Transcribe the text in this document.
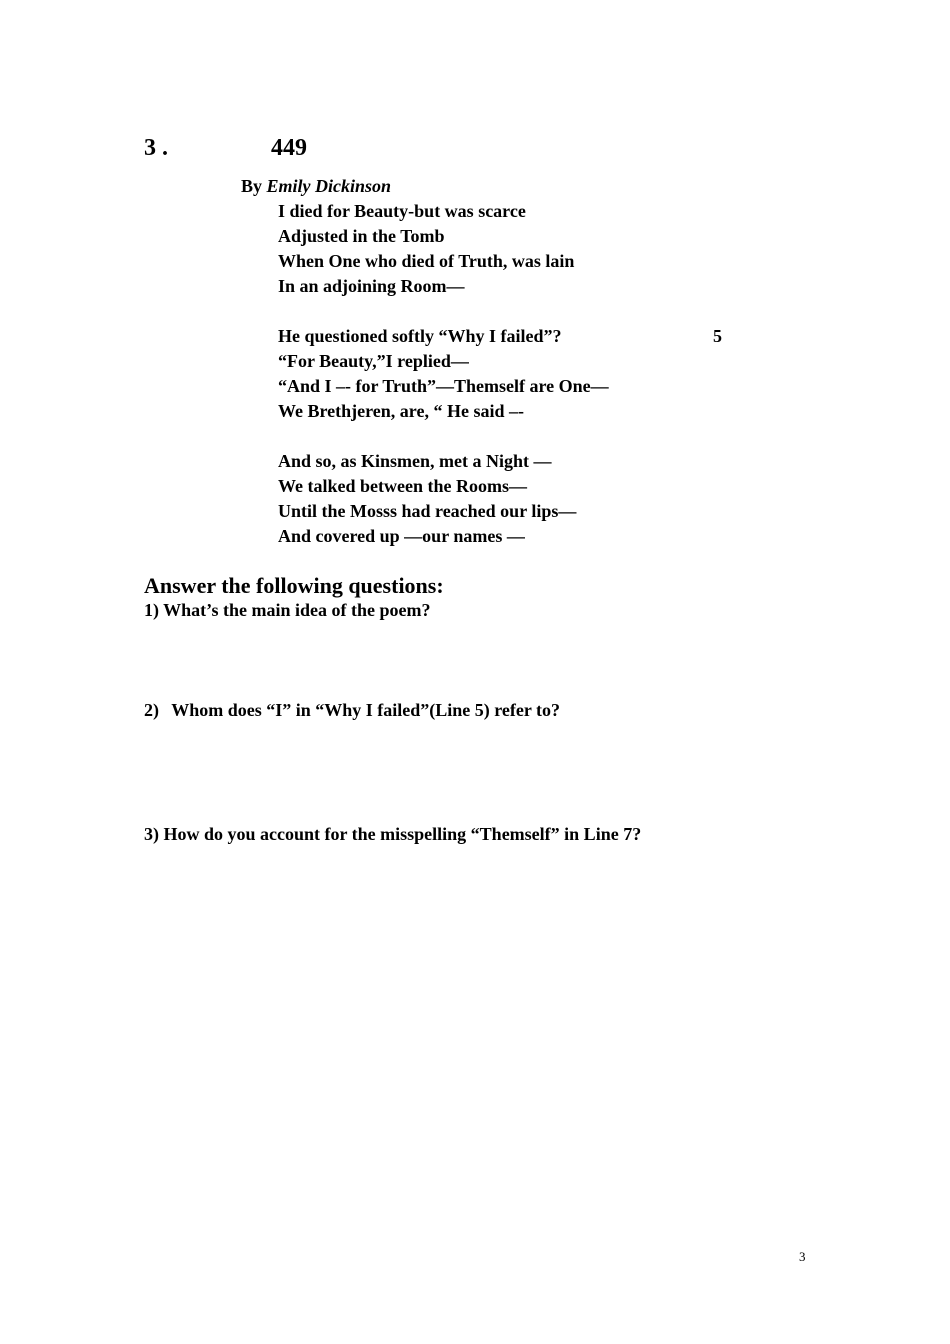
3 .	449
By Emily Dickinson
I died for Beauty-but was scarce
Adjusted in the Tomb
When One who died of Truth, was lain
In an adjoining Room—
He questioned softly “Why I failed”?	5
“For Beauty,”I replied—
“And I –- for Truth”—Themself are One—
We Brethjeren, are, “ He said –-
And so, as Kinsmen, met a Night —
We talked between the Rooms—
Until the Mosss had reached our lips—
And covered up —our names —
Answer the following questions:
1) What’s the main idea of the poem?
2) Whom does “I” in “Why I failed”(Line 5) refer to?
3) How do you account for the misspelling “Themself” in Line 7?
3
